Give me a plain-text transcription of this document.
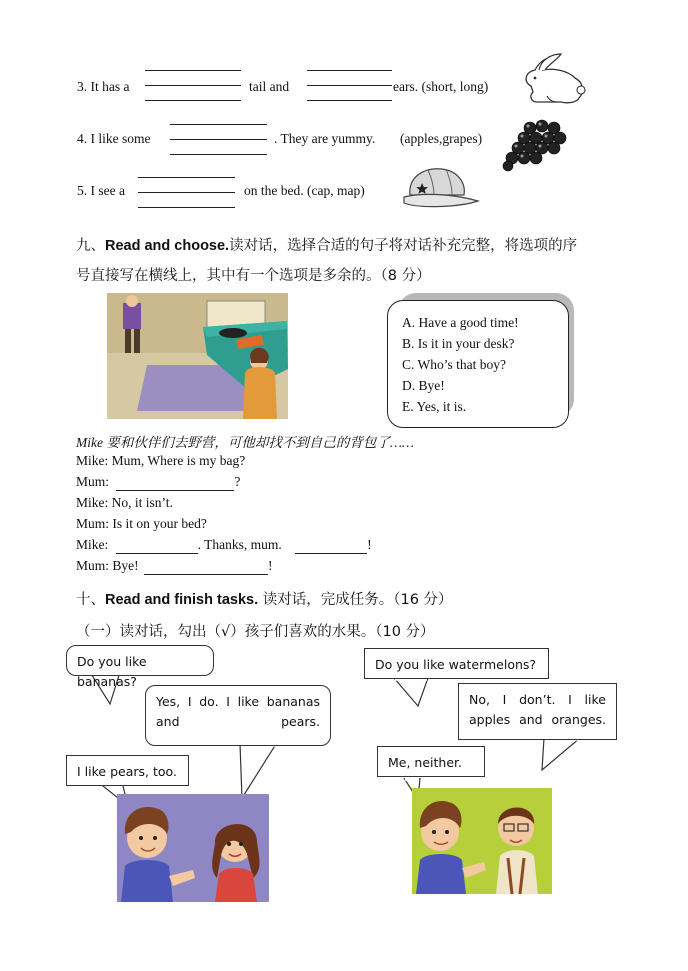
3. It has a	tail and	ears. (short, long)
4. I like some	. They are yummy. (apples,grapes)
5. I see a	on the bed. (cap, map)
九、Read and choose.读对话，选择合适的句子将对话补充完整，将选项的序
号直接写在横线上，其中有一个选项是多余的。（8 分）
A. Have a good time!
B. Is it in your desk?
C. Who’s that boy?
D. Bye!
E. Yes, it is.
Mike 要和伙伴们去野营，可他却找不到自己的背包了……
Mike: Mum, Where is my bag?
Mum:	?
Mike: No, it isn’t.
Mum: Is it on your bed?
Mike:	. Thanks, mum.	!
Mum: Bye!	!
十、Read and finish tasks. 读对话，完成任务。（16 分）
（一）读对话，勾出（√）孩子们喜欢的水果。（10 分）
Do you like bananas?
Yes, I do. I like bananas and pears.
I like pears, too.
Do you like watermelons?
No, I don’t. I like apples and oranges.
Me, neither.
